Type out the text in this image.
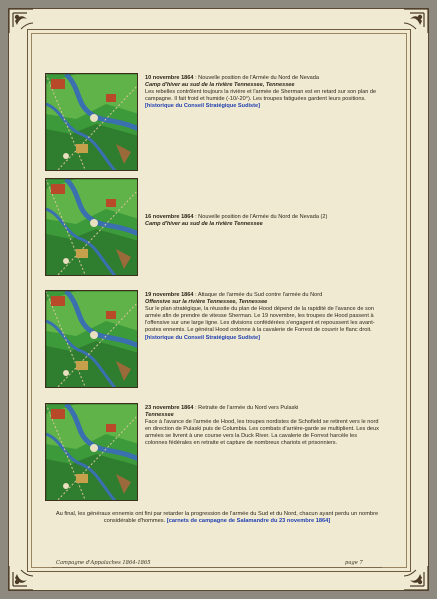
10 novembre 1864 : Nouvelle position de l'Armée du Nord de Nevada

Camp d'hiver au sud de la rivière Tennessee, Tennessee

Les rebelles contrôlent toujours la rivière et l'armée de Sherman est en retard sur son plan de campagne. Il fait froid et humide (-10/-20°). Les troupes fatiguées gardent leurs positions. [historique du Conseil Stratégique Sudiste]

16 novembre 1864 : Nouvelle position de l'Armée du Nord de Nevada (2)

Camp d'hiver au sud de la rivière Tennessee

19 novembre 1864 : Attaque de l'armée du Sud contre l'armée du Nord

Offensive sur la rivière Tennessee, Tennessee

Sur le plan stratégique, la réussite du plan de Hood dépend de la rapidité de l'avance de son armée afin de prendre de vitesse Sherman. Le 19 novembre, les troupes de Hood passent à l'offensive sur une large ligne. Les divisions confédérées s'engagent et repoussent les avant-postes ennemis. Le général Hood ordonne à la cavalerie de Forrest de couvrir le flanc droit. [historique du Conseil Stratégique Sudiste]

23 novembre 1864 : Retraite de l'armée du Nord vers Pulaski

Tennessee

Face à l'avance de l'armée de Hood, les troupes nordistes de Schofield se retirent vers le nord en direction de Pulaski puis de Columbia. Les combats d'arrière-garde se multiplient. Les deux armées se livrent à une course vers la Duck River. La cavalerie de Forrest harcèle les colonnes fédérales en retraite et capture de nombreux chariots et prisonniers.

Au final, les généraux ennemis ont fini par retarder la progression de l'armée du Sud et du Nord, chacun ayant perdu un nombre considérable d'hommes. [carnets de campagne de Salamandre du 23 novembre 1864]
Campagne d'Appalaches 1864-1865	page 7
